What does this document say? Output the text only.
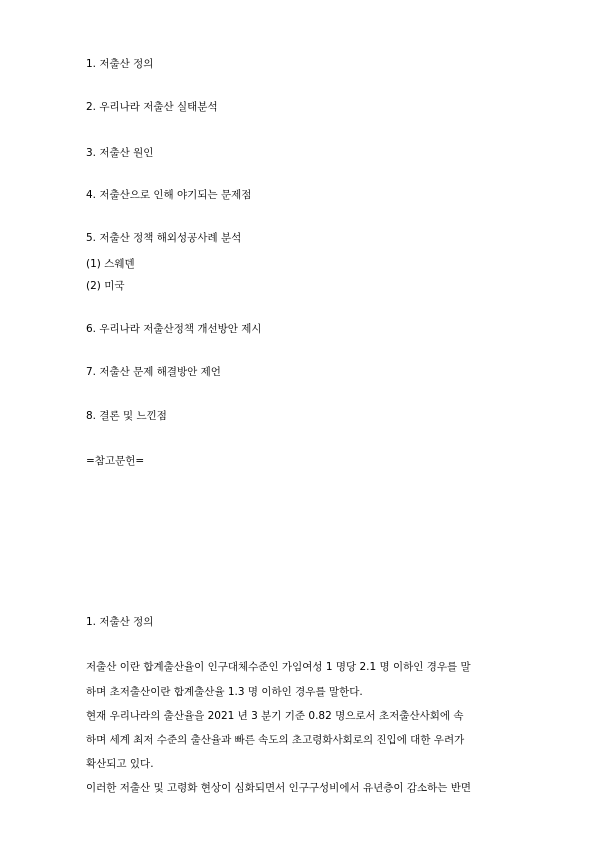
1. 저출산 정의
2. 우리나라 저출산 실태분석
3. 저출산 원인
4. 저출산으로 인해 야기되는 문제점
5. 저출산 정책 해외성공사례 분석
(1) 스웨덴
(2) 미국
6. 우리나라 저출산정책 개선방안 제시
7. 저출산 문제 해결방안 제언
8. 결론 및 느낀점
=참고문헌=
1. 저출산 정의
저출산 이란 합계출산율이 인구대체수준인 가임여성 1 명당 2.1 명 이하인 경우를 말
하며 초저출산이란 합계출산율 1.3 명 이하인 경우를 말한다.
현재 우리나라의 출산율을 2021 년 3 분기 기준 0.82 명으로서 초저출산사회에 속
하며 세계 최저 수준의 출산율과 빠른 속도의 초고령화사회로의 진입에 대한 우려가
확산되고 있다.
이러한 저출산 및 고령화 현상이 심화되면서 인구구성비에서 유년층이 감소하는 반면
